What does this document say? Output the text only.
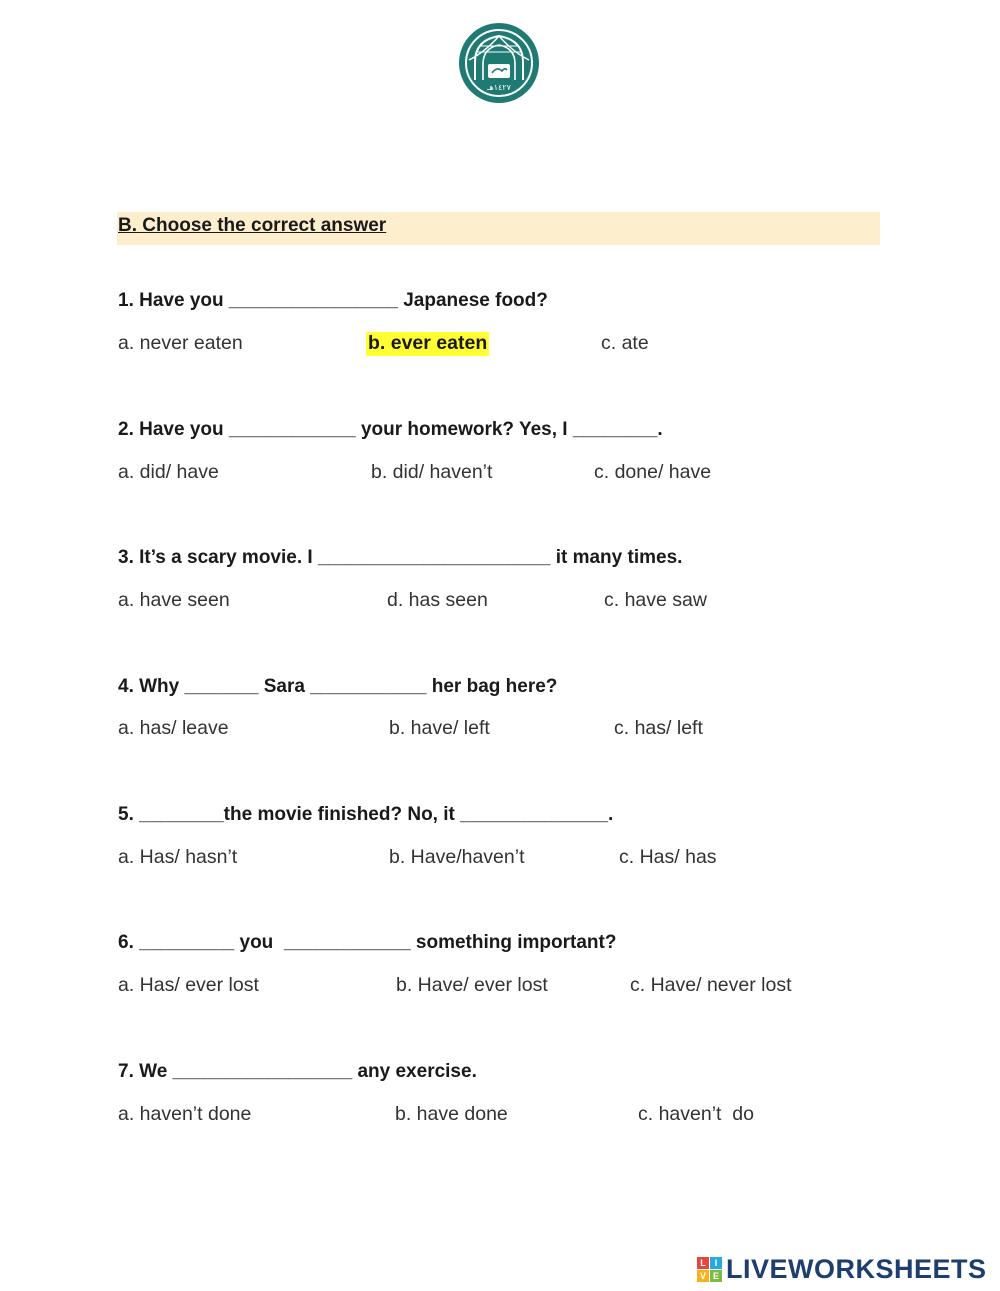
١٤٢٧هـ
B. Choose the correct answer
1. Have you ________________ Japanese food?
a. never eaten	b. ever eaten	c. ate
2. Have you ____________ your homework? Yes, I ________.
a. did/ have	b. did/ haven’t	c. done/ have
3. It’s a scary movie. I ______________________ it many times.
a. have seen	d. has seen	c. have saw
4. Why _______ Sara ___________ her bag here?
a. has/ leave	b. have/ left	c. has/ left
5. ________the movie finished? No, it ______________.
a. Has/ hasn’t	b. Have/haven’t	c. Has/ has
6. _________ you  ____________ something important?
a. Has/ ever lost	b. Have/ ever lost	c. Have/ never lost
7. We _________________ any exercise.
a. haven’t done	b. have done	c. haven’t  do
L I
V E LIVEWORKSHEETS
